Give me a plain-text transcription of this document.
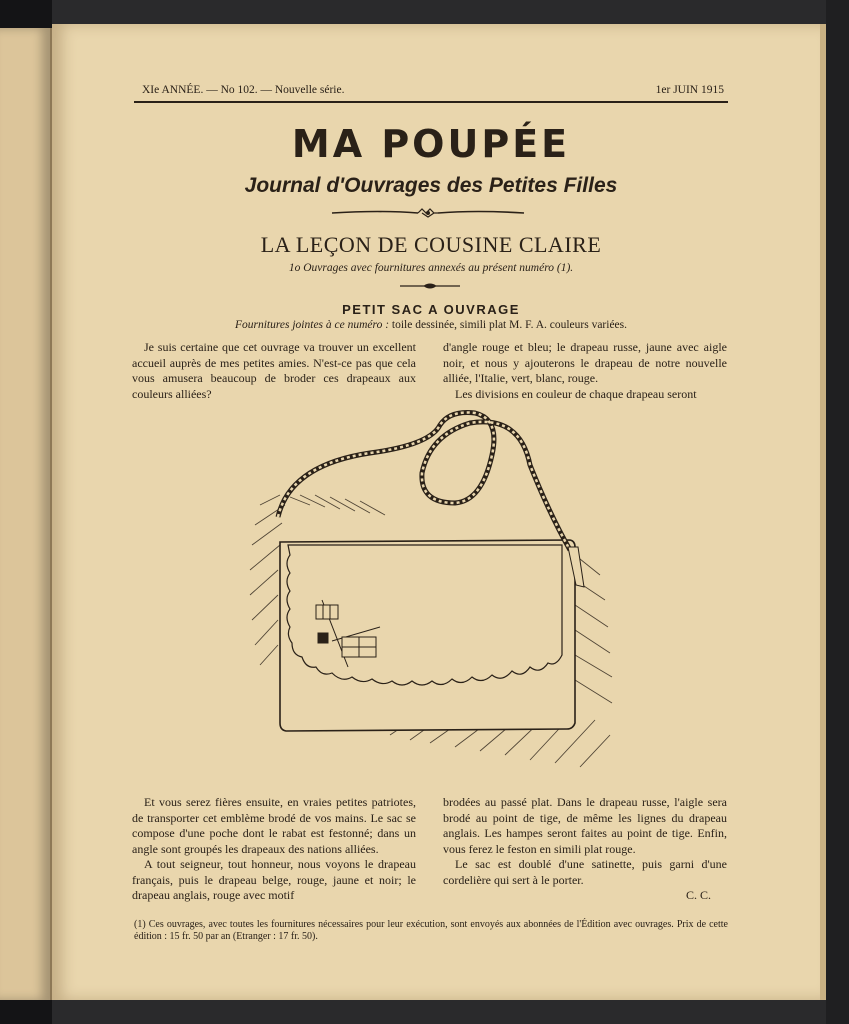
XIe ANNÉE. — No 102. — Nouvelle série.	1er JUIN 1915
MA POUPÉE
Journal d'Ouvrages des Petites Filles
LA LEÇON DE COUSINE CLAIRE
1o Ouvrages avec fournitures annexés au présent numéro (1).
PETIT SAC A OUVRAGE
Fournitures jointes à ce numéro : toile dessinée, simili plat M. F. A. couleurs variées.

Je suis certaine que cet ouvrage va trouver un excellent accueil auprès de mes petites amies. N'est-ce pas que cela vous amusera beaucoup de broder ces drapeaux aux couleurs alliées?

d'angle rouge et bleu; le drapeau russe, jaune avec aigle noir, et nous y ajouterons le drapeau de notre nouvelle alliée, l'Italie, vert, blanc, rouge.

Les divisions en couleur de chaque drapeau seront

Et vous serez fières ensuite, en vraies petites patriotes, de transporter cet emblème brodé de vos mains. Le sac se compose d'une poche dont le rabat est festonné; dans un angle sont groupés les drapeaux des nations alliées.

A tout seigneur, tout honneur, nous voyons le drapeau français, puis le drapeau belge, rouge, jaune et noir; le drapeau anglais, rouge avec motif

brodées au passé plat. Dans le drapeau russe, l'aigle sera brodé au point de tige, de même les lignes du drapeau anglais. Les hampes seront faites au point de tige. Enfin, vous ferez le feston en simili plat rouge.

Le sac est doublé d'une satinette, puis garni d'une cordelière qui sert à le porter.

C. C.

(1) Ces ouvrages, avec toutes les fournitures nécessaires pour leur exécution, sont envoyés aux abonnées de l'Édition avec ouvrages. Prix de cette édition : 15 fr. 50 par an (Etranger : 17 fr. 50).
